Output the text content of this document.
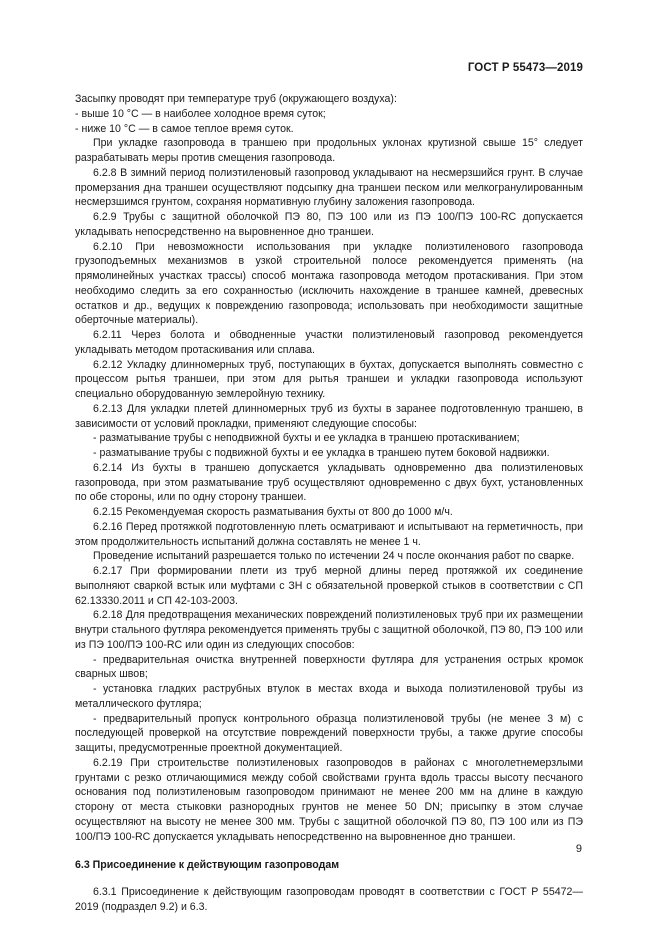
ГОСТ Р 55473—2019

Засыпку проводят при температуре труб (окружающего воздуха):

- выше 10 °С — в наиболее холодное время суток;

- ниже 10 °С — в самое теплое время суток.

При укладке газопровода в траншею при продольных уклонах крутизной свыше 15° следует разрабатывать меры против смещения газопровода.

6.2.8 В зимний период полиэтиленовый газопровод укладывают на несмерзшийся грунт. В случае промерзания дна траншеи осуществляют подсыпку дна траншеи песком или мелкогранулированным несмерзшимся грунтом, сохраняя нормативную глубину заложения газопровода.

6.2.9 Трубы с защитной оболочкой ПЭ 80, ПЭ 100 или из ПЭ 100/ПЭ 100-RC допускается укладывать непосредственно на выровненное дно траншеи.

6.2.10 При невозможности использования при укладке полиэтиленового газопровода грузоподъемных механизмов в узкой строительной полосе рекомендуется применять (на прямолинейных участках трассы) способ монтажа газопровода методом протаскивания. При этом необходимо следить за его сохранностью (исключить нахождение в траншее камней, древесных остатков и др., ведущих к повреждению газопровода; использовать при необходимости защитные оберточные материалы).

6.2.11 Через болота и обводненные участки полиэтиленовый газопровод рекомендуется укладывать методом протаскивания или сплава.

6.2.12 Укладку длинномерных труб, поступающих в бухтах, допускается выполнять совместно с процессом рытья траншеи, при этом для рытья траншеи и укладки газопровода используют специально оборудованную землеройную технику.

6.2.13 Для укладки плетей длинномерных труб из бухты в заранее подготовленную траншею, в зависимости от условий прокладки, применяют следующие способы:

- разматывание трубы с неподвижной бухты и ее укладка в траншею протаскиванием;

- разматывание трубы с подвижной бухты и ее укладка в траншею путем боковой надвижки.

6.2.14 Из бухты в траншею допускается укладывать одновременно два полиэтиленовых газопровода, при этом разматывание труб осуществляют одновременно с двух бухт, установленных по обе стороны, или по одну сторону траншеи.

6.2.15 Рекомендуемая скорость разматывания бухты от 800 до 1000 м/ч.

6.2.16 Перед протяжкой подготовленную плеть осматривают и испытывают на герметичность, при этом продолжительность испытаний должна составлять не менее 1 ч.

Проведение испытаний разрешается только по истечении 24 ч после окончания работ по сварке.

6.2.17 При формировании плети из труб мерной длины перед протяжкой их соединение выполняют сваркой встык или муфтами с ЗН с обязательной проверкой стыков в соответствии с СП 62.13330.2011 и СП 42-103-2003.

6.2.18 Для предотвращения механических повреждений полиэтиленовых труб при их размещении внутри стального футляра рекомендуется применять трубы с защитной оболочкой, ПЭ 80, ПЭ 100 или из ПЭ 100/ПЭ 100-RC или один из следующих способов:

- предварительная очистка внутренней поверхности футляра для устранения острых кромок сварных швов;

- установка гладких раструбных втулок в местах входа и выхода полиэтиленовой трубы из металлического футляра;

- предварительный пропуск контрольного образца полиэтиленовой трубы (не менее 3 м) с последующей проверкой на отсутствие повреждений поверхности трубы, а также другие способы защиты, предусмотренные проектной документацией.

6.2.19 При строительстве полиэтиленовых газопроводов в районах с многолетнемерзлыми грунтами с резко отличающимися между собой свойствами грунта вдоль трассы высоту песчаного основания под полиэтиленовым газопроводом принимают не менее 200 мм на длине в каждую сторону от места стыковки разнородных грунтов не менее 50 DN; присыпку в этом случае осуществляют на высоту не менее 300 мм. Трубы с защитной оболочкой ПЭ 80, ПЭ 100 или из ПЭ 100/ПЭ 100-RC допускается укладывать непосредственно на выровненное дно траншеи.

6.3 Присоединение к действующим газопроводам

6.3.1 Присоединение к действующим газопроводам проводят в соответствии с ГОСТ Р 55472—2019 (подраздел 9.2) и 6.3.

9
